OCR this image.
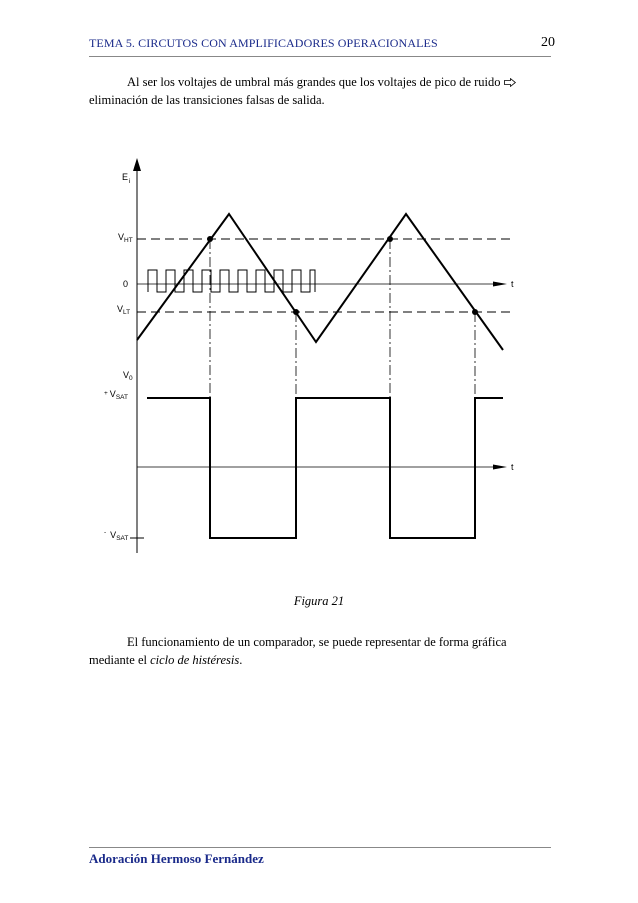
TEMA 5. CIRCUTOS CON AMPLIFICADORES OPERACIONALES	20
Al ser los voltajes de umbral más grandes que los voltajes de pico de ruido
eliminación de las transiciones falsas de salida.
$E_i$
$V_{HT}$
0
$V_{LT}$
t
$V_0$
+ $V_{SAT}$
t
- $V_{SAT}$
Figura 21
El funcionamiento de un comparador, se puede representar de forma gráfica mediante el ciclo de histéresis.
Adoración Hermoso Fernández
